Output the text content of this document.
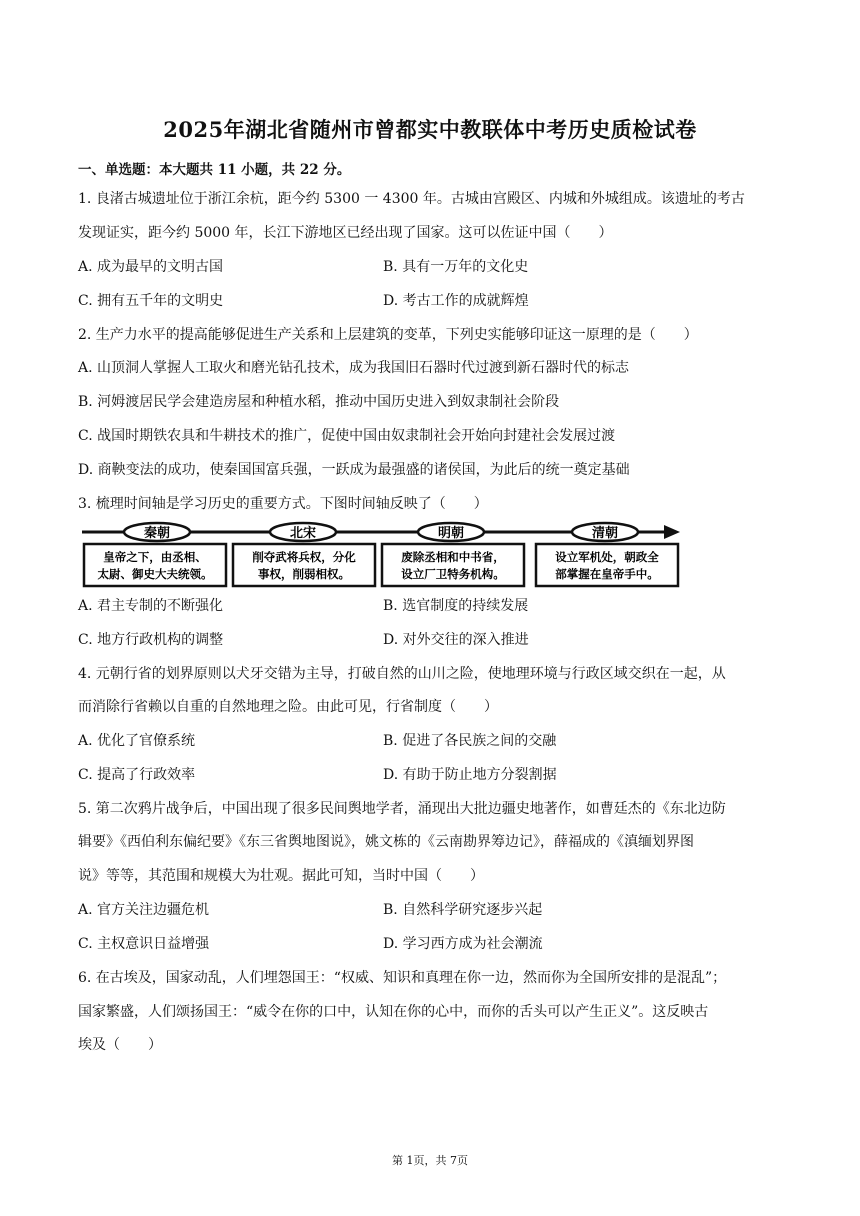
2025年湖北省随州市曾都实中教联体中考历史质检试卷
一、单选题：本大题共 11 小题，共 22 分。
1. 良渚古城遗址位于浙江余杭，距今约 5300 一 4300 年。古城由宫殿区、内城和外城组成。该遗址的考古
发现证实，距今约 5000 年，长江下游地区已经出现了国家。这可以佐证中国（　　）
A. 成为最早的文明古国	B. 具有一万年的文化史
C. 拥有五千年的文明史	D. 考古工作的成就辉煌
2. 生产力水平的提高能够促进生产关系和上层建筑的变革，下列史实能够印证这一原理的是（　　）
A. 山顶洞人掌握人工取火和磨光钻孔技术，成为我国旧石器时代过渡到新石器时代的标志
B. 河姆渡居民学会建造房屋和种植水稻，推动中国历史进入到奴隶制社会阶段
C. 战国时期铁农具和牛耕技术的推广，促使中国由奴隶制社会开始向封建社会发展过渡
D. 商鞅变法的成功，使秦国国富兵强，一跃成为最强盛的诸侯国，为此后的统一奠定基础
3. 梳理时间轴是学习历史的重要方式。下图时间轴反映了（　　）
秦朝	北宋	明朝	清朝
皇帝之下，由丞相、
太尉、御史大夫统领。
削夺武将兵权，分化
事权，削弱相权。
废除丞相和中书省，
设立厂卫特务机构。
设立军机处，朝政全
部掌握在皇帝手中。
A. 君主专制的不断强化	B. 选官制度的持续发展
C. 地方行政机构的调整	D. 对外交往的深入推进
4. 元朝行省的划界原则以犬牙交错为主导，打破自然的山川之险，使地理环境与行政区域交织在一起，从
而消除行省赖以自重的自然地理之险。由此可见，行省制度（　　）
A. 优化了官僚系统	B. 促进了各民族之间的交融
C. 提高了行政效率	D. 有助于防止地方分裂割据
5. 第二次鸦片战争后，中国出现了很多民间舆地学者，涌现出大批边疆史地著作，如曹廷杰的《东北边防
辑要》《西伯利东偏纪要》《东三省舆地图说》，姚文栋的《云南勘界筹边记》，薛福成的《滇缅划界图
说》等等，其范围和规模大为壮观。据此可知，当时中国（　　）
A. 官方关注边疆危机	B. 自然科学研究逐步兴起
C. 主权意识日益增强	D. 学习西方成为社会潮流
6. 在古埃及，国家动乱，人们埋怨国王：“权威、知识和真理在你一边，然而你为全国所安排的是混乱”；
国家繁盛，人们颂扬国王：“威令在你的口中，认知在你的心中，而你的舌头可以产生正义”。这反映古
埃及（　　）
第 1页，共 7页
